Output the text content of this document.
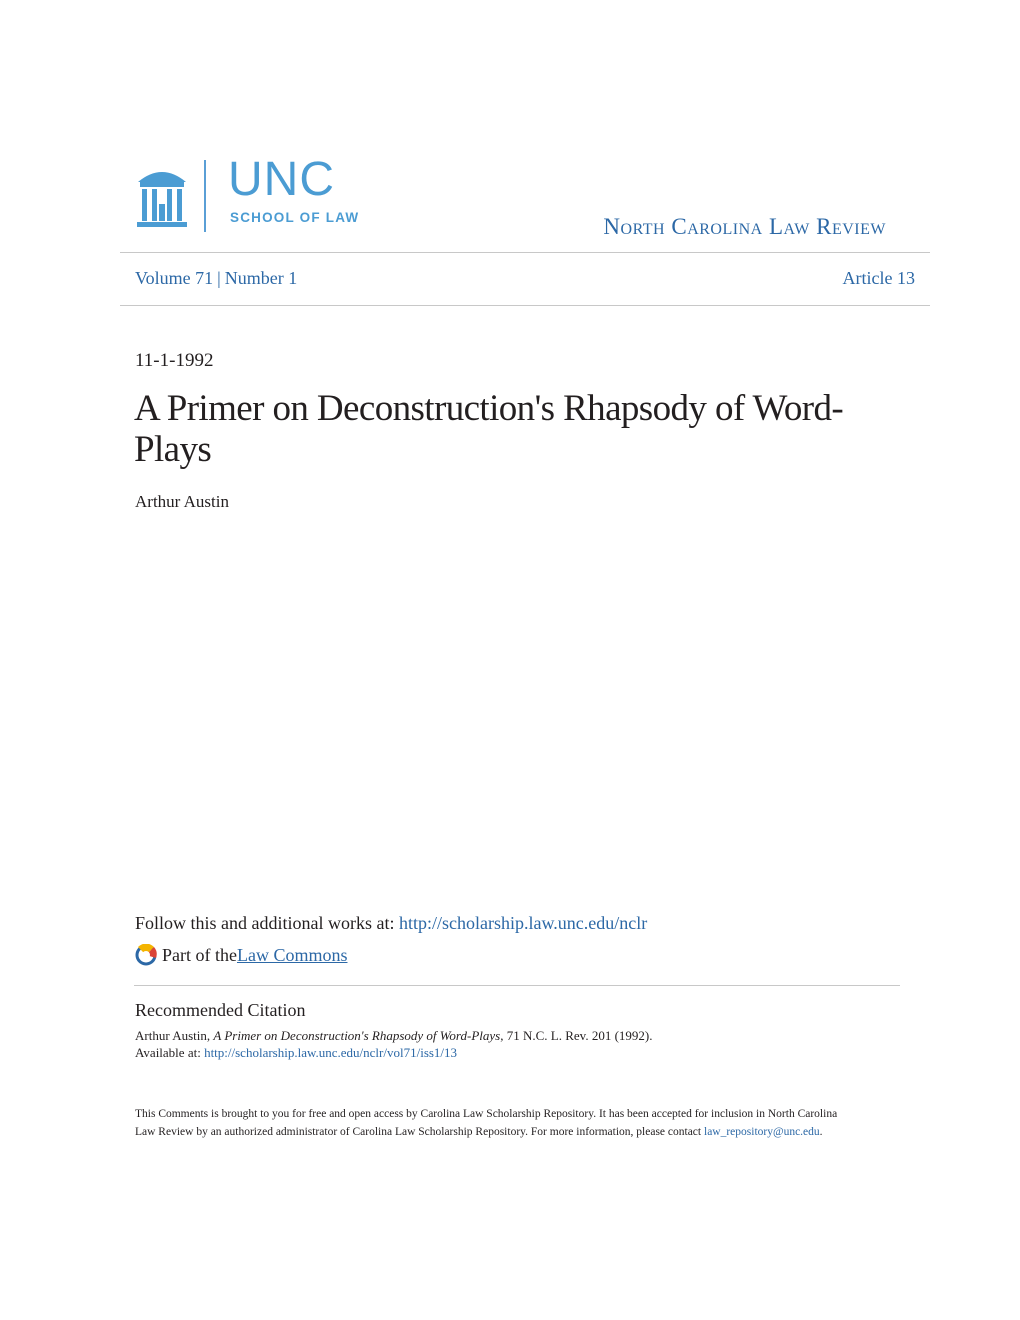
UNC
SCHOOL OF LAW	North Carolina Law Review
Volume 71 | Number 1	Article 13
11-1-1992
A Primer on Deconstruction's Rhapsody of Word-Plays
Arthur Austin
Follow this and additional works at: http://scholarship.law.unc.edu/nclr
Part of the Law Commons
Recommended Citation
Arthur Austin, A Primer on Deconstruction's Rhapsody of Word-Plays, 71 N.C. L. Rev. 201 (1992).
Available at: http://scholarship.law.unc.edu/nclr/vol71/iss1/13
This Comments is brought to you for free and open access by Carolina Law Scholarship Repository. It has been accepted for inclusion in North Carolina Law Review by an authorized administrator of Carolina Law Scholarship Repository. For more information, please contact law_repository@unc.edu.
